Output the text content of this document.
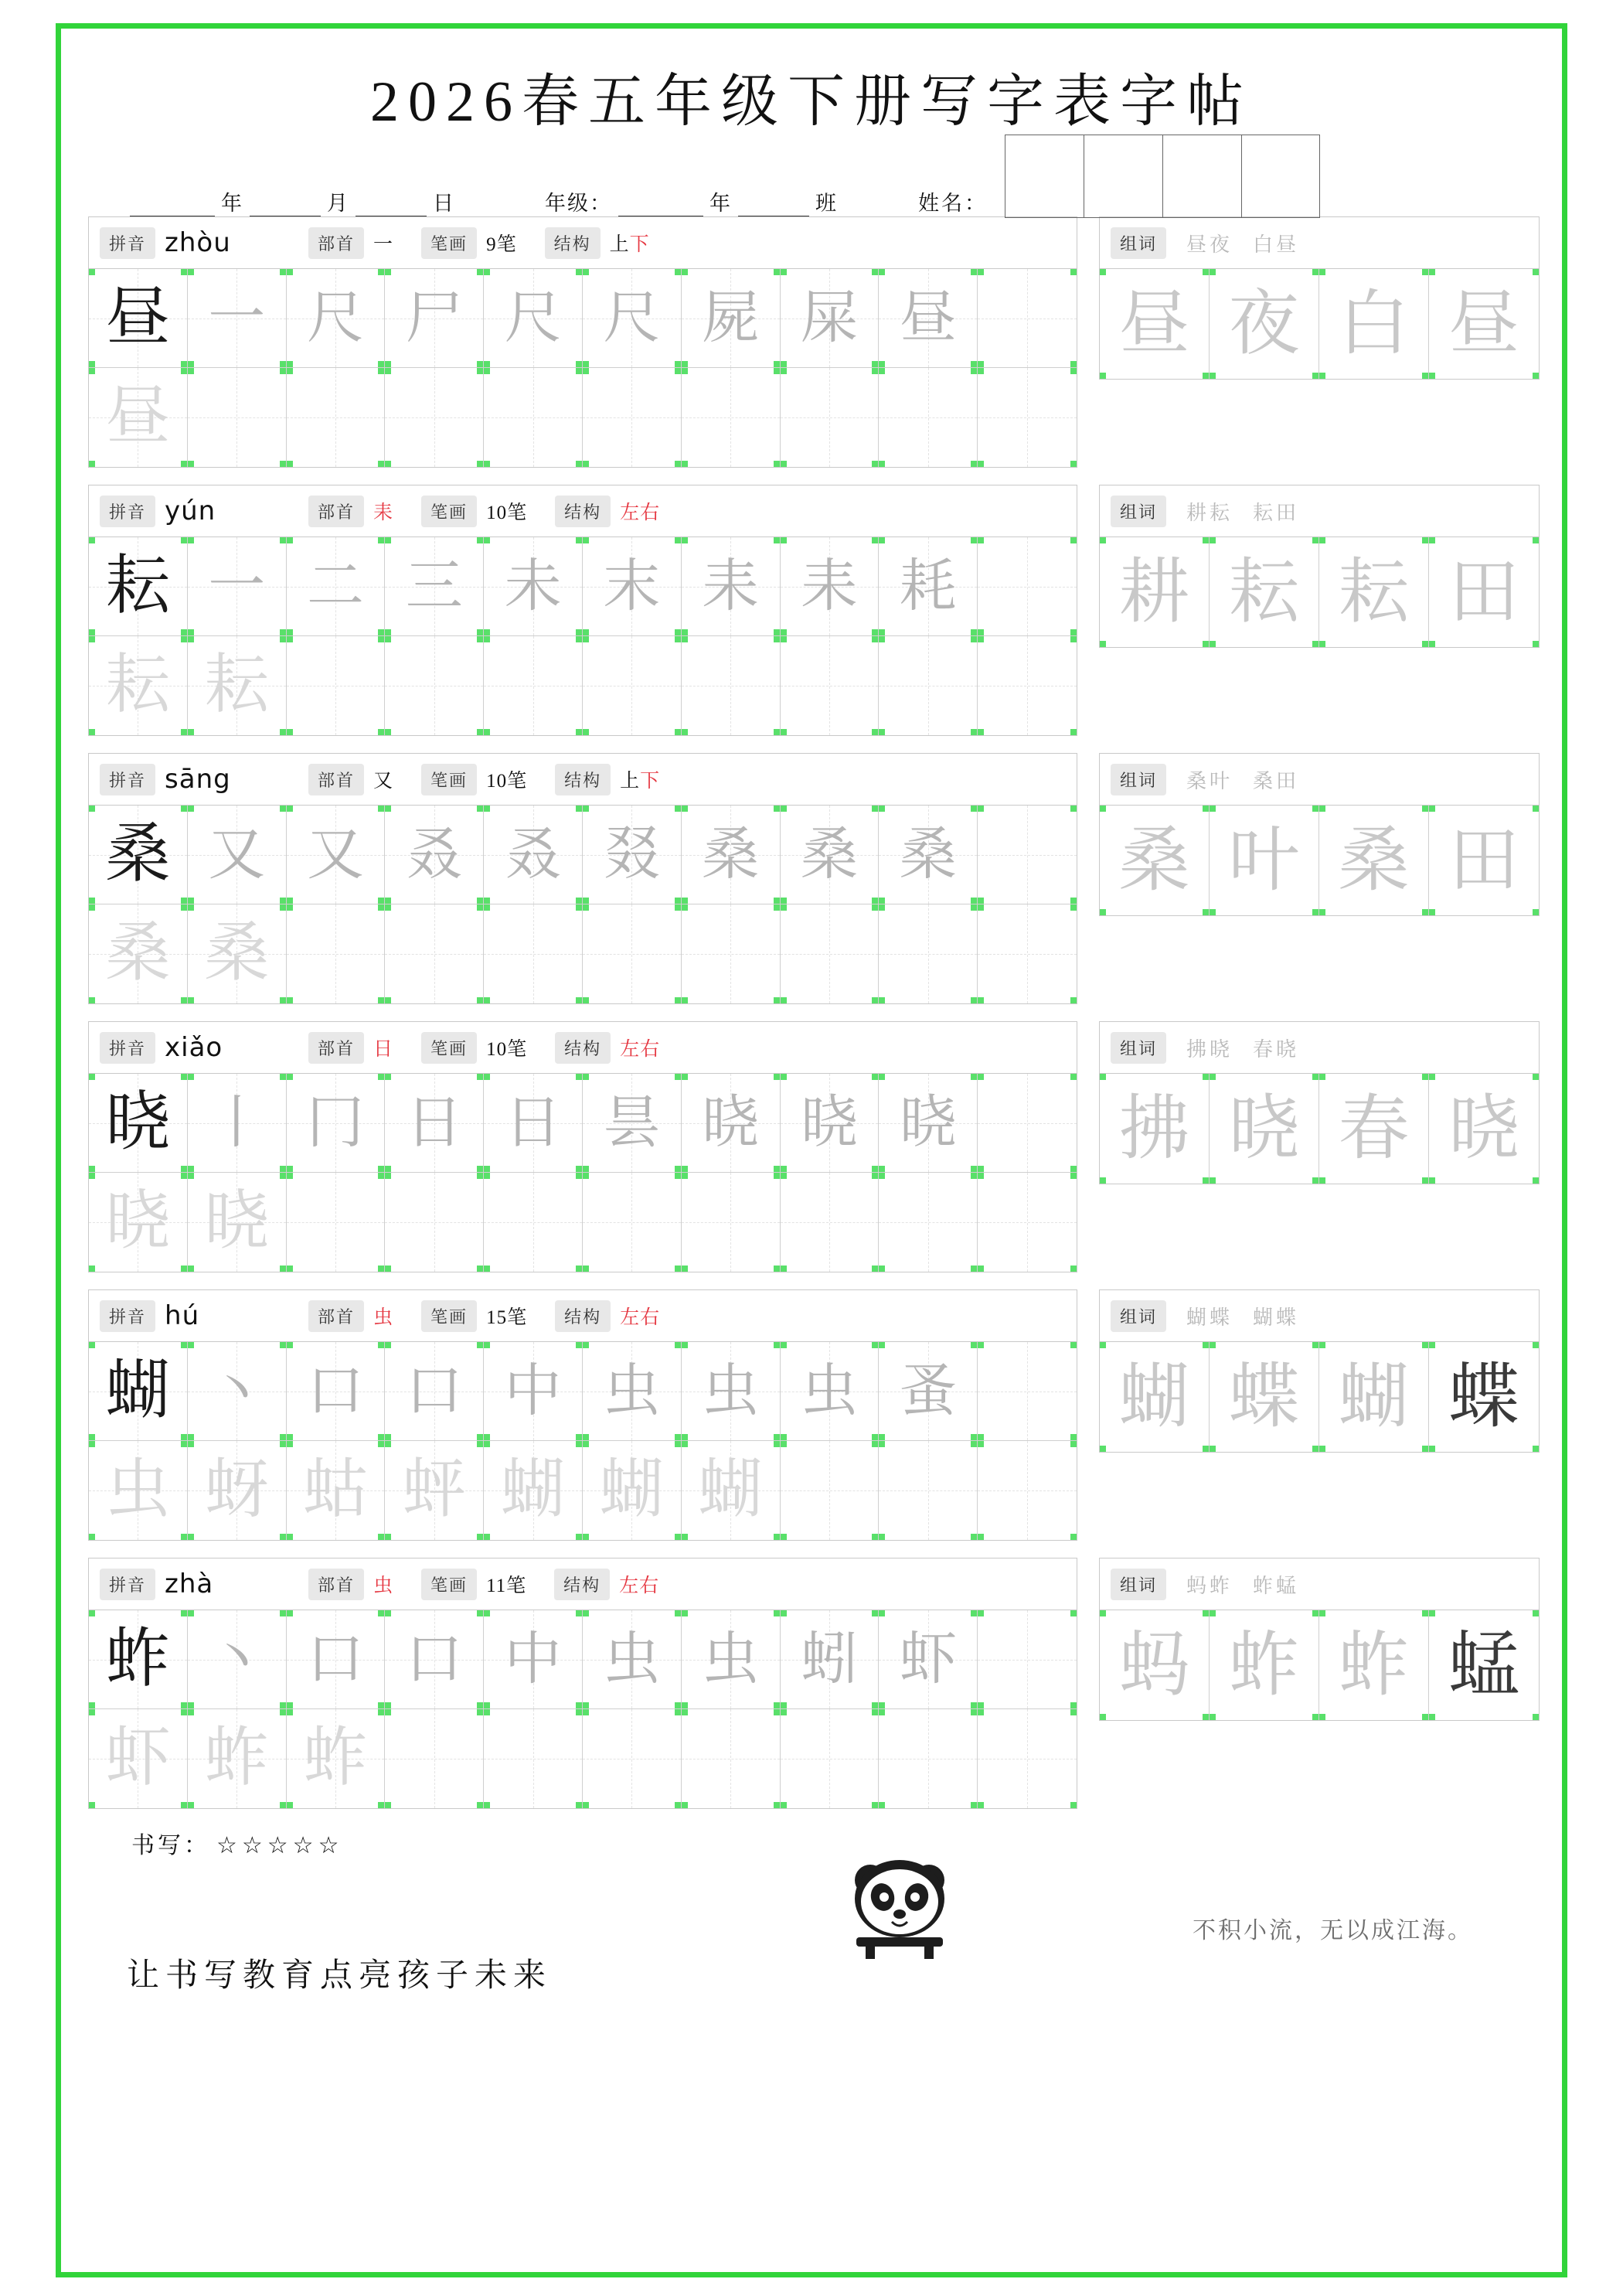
2026春五年级下册写字表字帖
年	月	日	年级：	年	班	姓名：
拼音 zhòu	部首 一	笔画 9笔	结构 上下
昼 一 尺 尸 尺 尺 屍 屎 昼
昼
组词	昼夜 白昼
昼 夜 白 昼
拼音 yún	部首 耒	笔画 10笔	结构 左右
耘 一 二 三 未 末 耒 耒 耗
耘 耘
组词	耕耘 耘田
耕 耘 耘 田
拼音 sāng	部首 又	笔画 10笔	结构 上下
桑 又 又 叒 叒 叕 桑 桑 桑
桑 桑
组词	桑叶 桑田
桑 叶 桑 田
拼音 xiǎo	部首 日	笔画 10笔	结构 左右
晓 丨 冂 日 日 昙 晓 晓 晓
晓 晓
组词	拂晓 春晓
拂 晓 春 晓
拼音 hú	部首 虫	笔画 15笔	结构 左右
蝴 丶 口 口 中 虫 虫 虫 蚤
虫 蚜 蛄 蚲 蝴 蝴 蝴
组词	蝴蝶 蝴蝶
蝴 蝶 蝴 蝶
拼音 zhà	部首 虫	笔画 11笔	结构 左右
蚱 丶 口 口 中 虫 虫 蚓 虾
虾 蚱 蚱
组词	蚂蚱 蚱蜢
蚂 蚱 蚱 蜢
书写： ☆☆☆☆☆
不积小流，无以成江海。
让书写教育点亮孩子未来
